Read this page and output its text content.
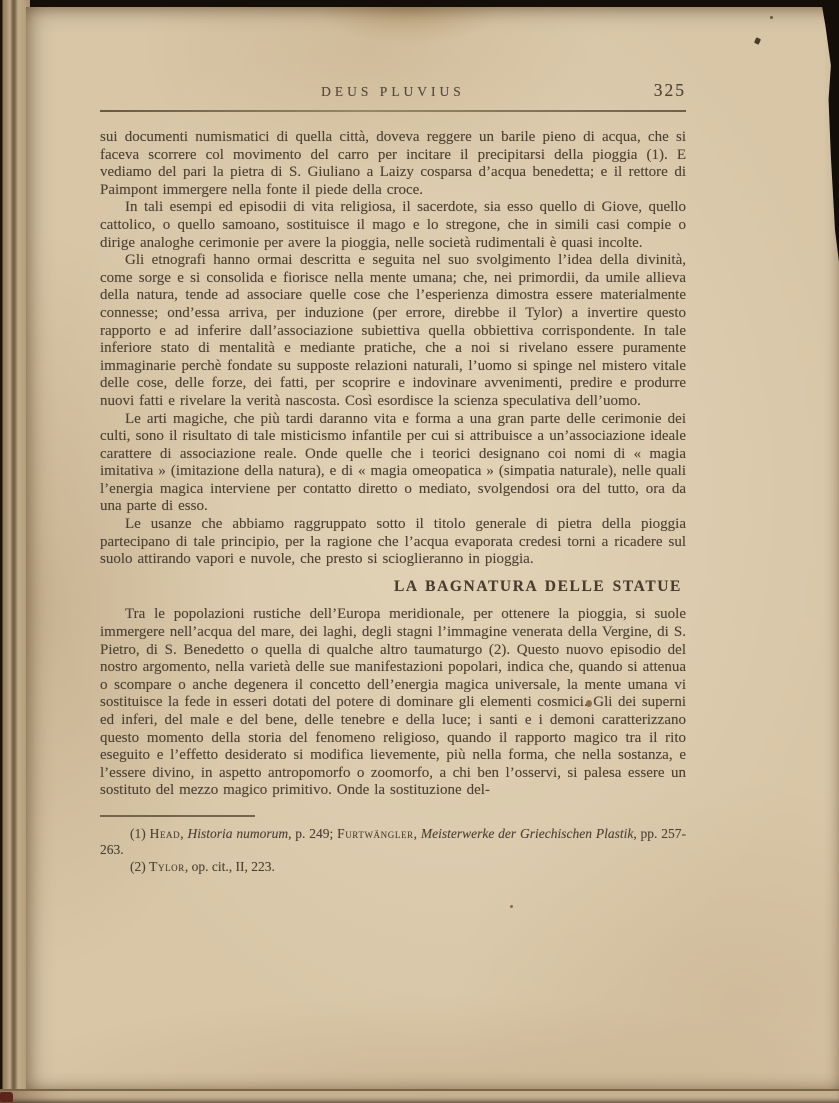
DEUS PLUVIUS	325

sui documenti numismatici di quella città, doveva reggere un barile pieno di acqua, che si faceva scorrere col movimento del carro per incitare il precipitarsi della pioggia (1). E vediamo del pari la pietra di S. Giuliano a Laizy cosparsa d’acqua benedetta; e il rettore di Paimpont immergere nella fonte il piede della croce.

In tali esempi ed episodii di vita religiosa, il sacerdote, sia esso quello di Giove, quello cattolico, o quello samoano, sostituisce il mago e lo stregone, che in simili casi compie o dirige analoghe cerimonie per avere la pioggia, nelle società rudimentali è quasi incolte.

Gli etnografi hanno ormai descritta e seguita nel suo svolgimento l’idea della divinità, come sorge e si consolida e fiorisce nella mente umana; che, nei primordii, da umile allieva della natura, tende ad associare quelle cose che l’esperienza dimostra essere materialmente connesse; ond’essa arriva, per induzione (per errore, direbbe il Tylor) a invertire questo rapporto e ad inferire dall’associazione subiettiva quella obbiettiva corrispondente. In tale inferiore stato di mentalità e mediante pratiche, che a noi si rivelano essere puramente immaginarie perchè fondate su supposte relazioni naturali, l’uomo si spinge nel mistero vitale delle cose, delle forze, dei fatti, per scoprire e indovinare avvenimenti, predire e produrre nuovi fatti e rivelare la verità nascosta. Così esordisce la scienza speculativa dell’uomo.

Le arti magiche, che più tardi daranno vita e forma a una gran parte delle cerimonie dei culti, sono il risultato di tale misticismo infantile per cui si attribuisce a un’associazione ideale carattere di associazione reale. Onde quelle che i teorici designano coi nomi di « magia imitativa » (imitazione della natura), e di « magia omeopatica » (simpatia naturale), nelle quali l’energia magica interviene per contatto diretto o mediato, svolgendosi ora del tutto, ora da una parte di esso.

Le usanze che abbiamo raggruppato sotto il titolo generale di pietra della pioggia partecipano di tale principio, per la ragione che l’acqua evaporata credesi torni a ricadere sul suolo attirando vapori e nuvole, che presto si scioglieranno in pioggia.

LA BAGNATURA DELLE STATUE

Tra le popolazioni rustiche dell’Europa meridionale, per ottenere la pioggia, si suole immergere nell’acqua del mare, dei laghi, degli stagni l’immagine venerata della Vergine, di S. Pietro, di S. Benedetto o quella di qualche altro taumaturgo (2). Questo nuovo episodio del nostro argomento, nella varietà delle sue manifestazioni popolari, indica che, quando si attenua o scompare o anche degenera il concetto dell’energia magica universale, la mente umana vi sostituisce la fede in esseri dotati del potere di dominare gli elementi cosmici. Gli dei superni ed inferi, del male e del bene, delle tenebre e della luce; i santi e i demoni caratterizzano questo momento della storia del fenomeno religioso, quando il rapporto magico tra il rito eseguito e l’effetto desiderato si modifica lievemente, più nella forma, che nella sostanza, e l’essere divino, in aspetto antropomorfo o zoomorfo, a chi ben l’osservi, si palesa essere un sostituto del mezzo magico primitivo. Onde la sostituzione del-

(1) Head, Historia numorum, p. 249; Furtwängler, Meisterwerke der Griechischen Plastik, pp. 257-263.

(2) Tylor, op. cit., II, 223.
